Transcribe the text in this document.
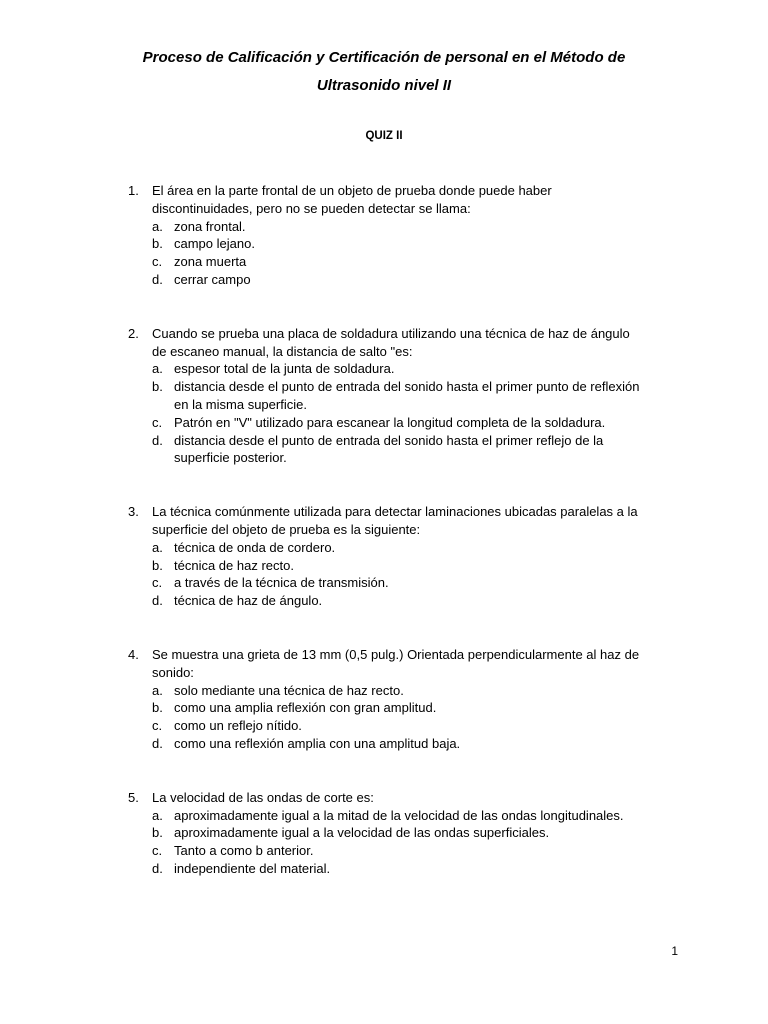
Proceso de Calificación y Certificación de personal en el Método de
Ultrasonido nivel II
QUIZ II
1. El área en la parte frontal de un objeto de prueba donde puede haber
discontinuidades, pero no se pueden detectar se llama:
a. zona frontal.
b. campo lejano.
c. zona muerta
d. cerrar campo
2. Cuando se prueba una placa de soldadura utilizando una técnica de haz de ángulo
de escaneo manual, la distancia de salto "es:
a. espesor total de la junta de soldadura.
b. distancia desde el punto de entrada del sonido hasta el primer punto de reflexión
en la misma superficie.
c. Patrón en "V" utilizado para escanear la longitud completa de la soldadura.
d. distancia desde el punto de entrada del sonido hasta el primer reflejo de la
superficie posterior.
3. La técnica comúnmente utilizada para detectar laminaciones ubicadas paralelas a la
superficie del objeto de prueba es la siguiente:
a. técnica de onda de cordero.
b. técnica de haz recto.
c. a través de la técnica de transmisión.
d. técnica de haz de ángulo.
4. Se muestra una grieta de 13 mm (0,5 pulg.) Orientada perpendicularmente al haz de
sonido:
a. solo mediante una técnica de haz recto.
b. como una amplia reflexión con gran amplitud.
c. como un reflejo nítido.
d. como una reflexión amplia con una amplitud baja.
5. La velocidad de las ondas de corte es:
a. aproximadamente igual a la mitad de la velocidad de las ondas longitudinales.
b. aproximadamente igual a la velocidad de las ondas superficiales.
c. Tanto a como b anterior.
d. independiente del material.
1
